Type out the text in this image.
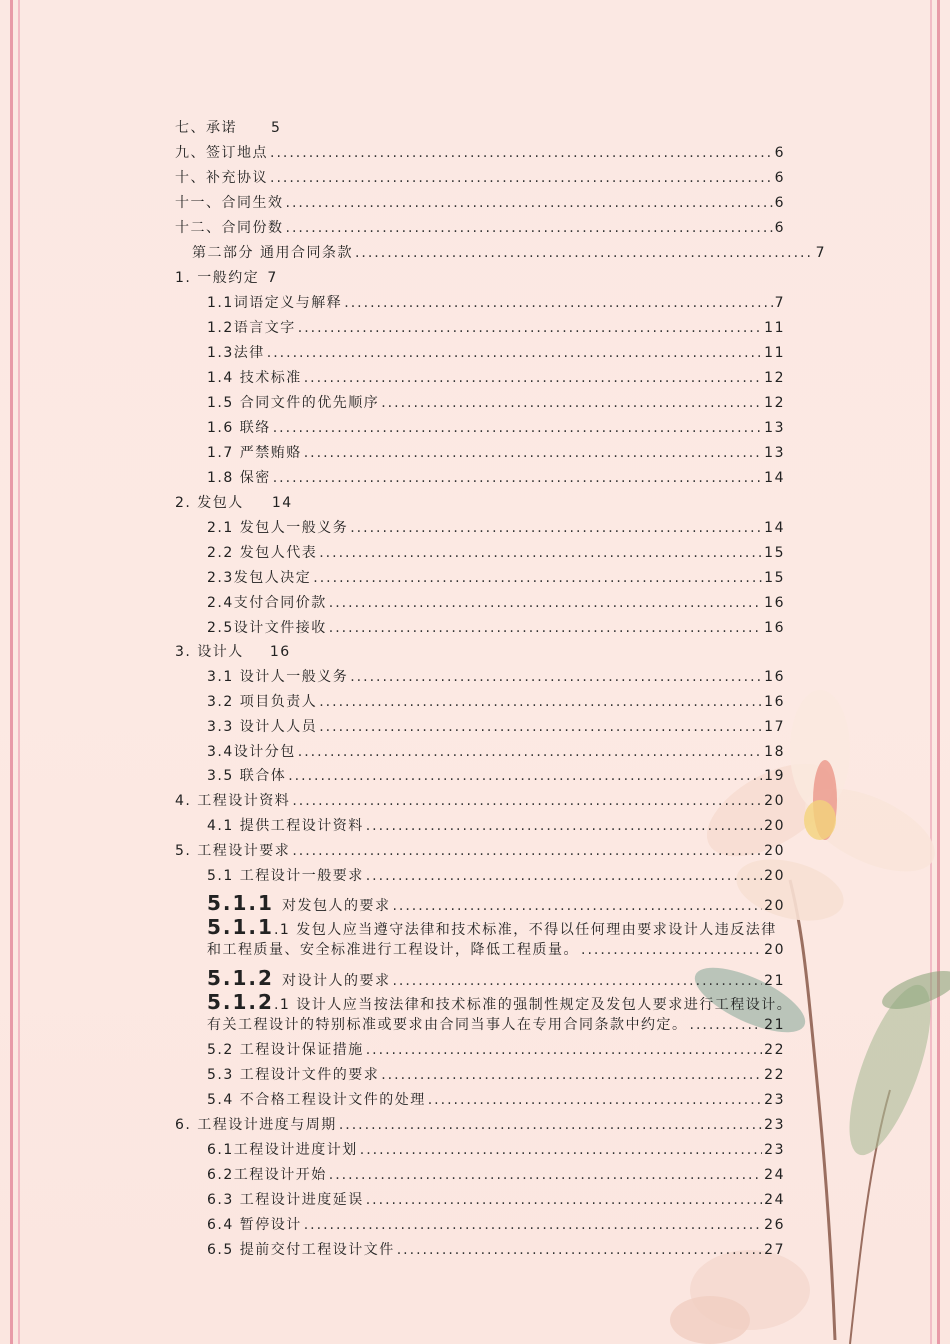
七、承诺 5
九、签订地点 .....	6
十、补充协议 .....	6
十一、合同生效 .....	6
十二、合同份数 .....	6
第二部分 通用合同条款 .....	7
1. 一般约定 7
1.1词语定义与解释 .....	7
1.2语言文字 .....	11
1.3法律 .....	11
1.4 技术标准 .....	12
1.5 合同文件的优先顺序 .....	12
1.6 联络 .....	13
1.7 严禁贿赂 .....	13
1.8 保密 .....	14
2. 发包人 14
2.1 发包人一般义务 .....	14
2.2 发包人代表 .....	15
2.3发包人决定 .....	15
2.4支付合同价款 .....	16
2.5设计文件接收 .....	16
3. 设计人 16
3.1 设计人一般义务 .....	16
3.2 项目负责人 .....	16
3.3 设计人人员 .....	17
3.4设计分包 .....	18
3.5 联合体 .....	19
4. 工程设计资料 .....	20
4.1 提供工程设计资料 .....	20
5. 工程设计要求 .....	20
5.1 工程设计一般要求 .....	20
5.1.1 对发包人的要求 .....	20
5.1.1.1 发包人应当遵守法律和技术标准，不得以任何理由要求设计人违反法律
和工程质量、安全标准进行工程设计，降低工程质量。 .....	20
5.1.2 对设计人的要求 .....	21
5.1.2.1 设计人应当按法律和技术标准的强制性规定及发包人要求进行工程设计。
有关工程设计的特别标准或要求由合同当事人在专用合同条款中约定。 .....	21
5.2 工程设计保证措施 .....	22
5.3 工程设计文件的要求 .....	22
5.4 不合格工程设计文件的处理 .....	23
6. 工程设计进度与周期 .....	23
6.1工程设计进度计划 .....	23
6.2工程设计开始 .....	24
6.3 工程设计进度延误 .....	24
6.4 暂停设计 .....	26
6.5 提前交付工程设计文件 .....	27
